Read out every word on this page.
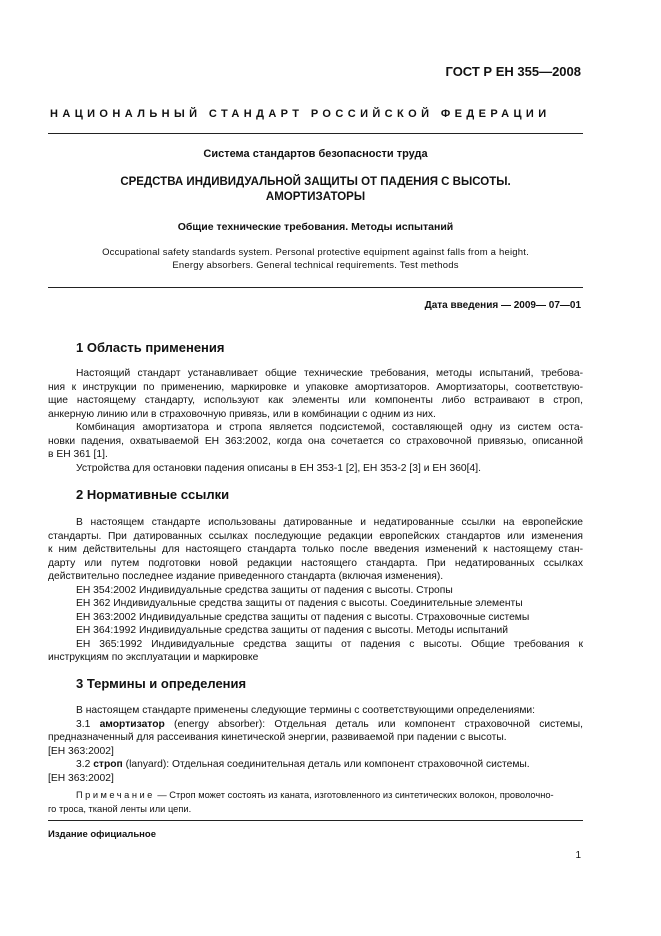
ГОСТ Р ЕН 355—2008
НАЦИОНАЛЬНЫЙ СТАНДАРТ РОССИЙСКОЙ ФЕДЕРАЦИИ
Система стандартов безопасности труда
СРЕДСТВА ИНДИВИДУАЛЬНОЙ ЗАЩИТЫ ОТ ПАДЕНИЯ С ВЫСОТЫ.
АМОРТИЗАТОРЫ
Общие технические требования. Методы испытаний
Occupational safety standards system. Personal protective equipment against falls from a height.
Energy absorbers. General technical requirements. Test methods
Дата введения — 2009— 07—01
1 Область применения
Настоящий стандарт устанавливает общие технические требования, методы испытаний, требова-
ния к инструкции по применению, маркировке и упаковке амортизаторов. Амортизаторы, соответствую-
щие настоящему стандарту, используют как элементы или компоненты либо встраивают в строп,
анкерную линию или в страховочную привязь, или в комбинации с одним из них.
Комбинация амортизатора и стропа является подсистемой, составляющей одну из систем оста-
новки падения, охватываемой ЕН 363:2002, когда она сочетается со страховочной привязью, описанной
в ЕН 361 [1].
Устройства для остановки падения описаны в ЕН 353-1 [2], ЕН 353-2 [3] и ЕН 360[4].
2 Нормативные ссылки
В настоящем стандарте использованы датированные и недатированные ссылки на европейские
стандарты. При датированных ссылках последующие редакции европейских стандартов или изменения
к ним действительны для настоящего стандарта только после введения изменений к настоящему стан-
дарту или путем подготовки новой редакции настоящего стандарта. При недатированных ссылках
действительно последнее издание приведенного стандарта (включая изменения).
ЕН 354:2002 Индивидуальные средства защиты от падения с высоты. Стропы
ЕН 362 Индивидуальные средства защиты от падения с высоты. Соединительные элементы
ЕН 363:2002 Индивидуальные средства защиты от падения с высоты. Страховочные системы
ЕН 364:1992 Индивидуальные средства защиты от падения с высоты. Методы испытаний
ЕН 365:1992 Индивидуальные средства защиты от падения с высоты. Общие требования к
инструкциям по эксплуатации и маркировке
3 Термины и определения
В настоящем стандарте применены следующие термины с соответствующими определениями:
3.1 амортизатор (energy absorber): Отдельная деталь или компонент страховочной системы,
предназначенный для рассеивания кинетической энергии, развиваемой при падении с высоты.
[ЕН 363:2002]
3.2 строп (lanyard): Отдельная соединительная деталь или компонент страховочной системы.
[ЕН 363:2002]
Примечание — Строп может состоять из каната, изготовленного из синтетических волокон, проволочно-
го троса, тканой ленты или цепи.
Издание официальное
1
